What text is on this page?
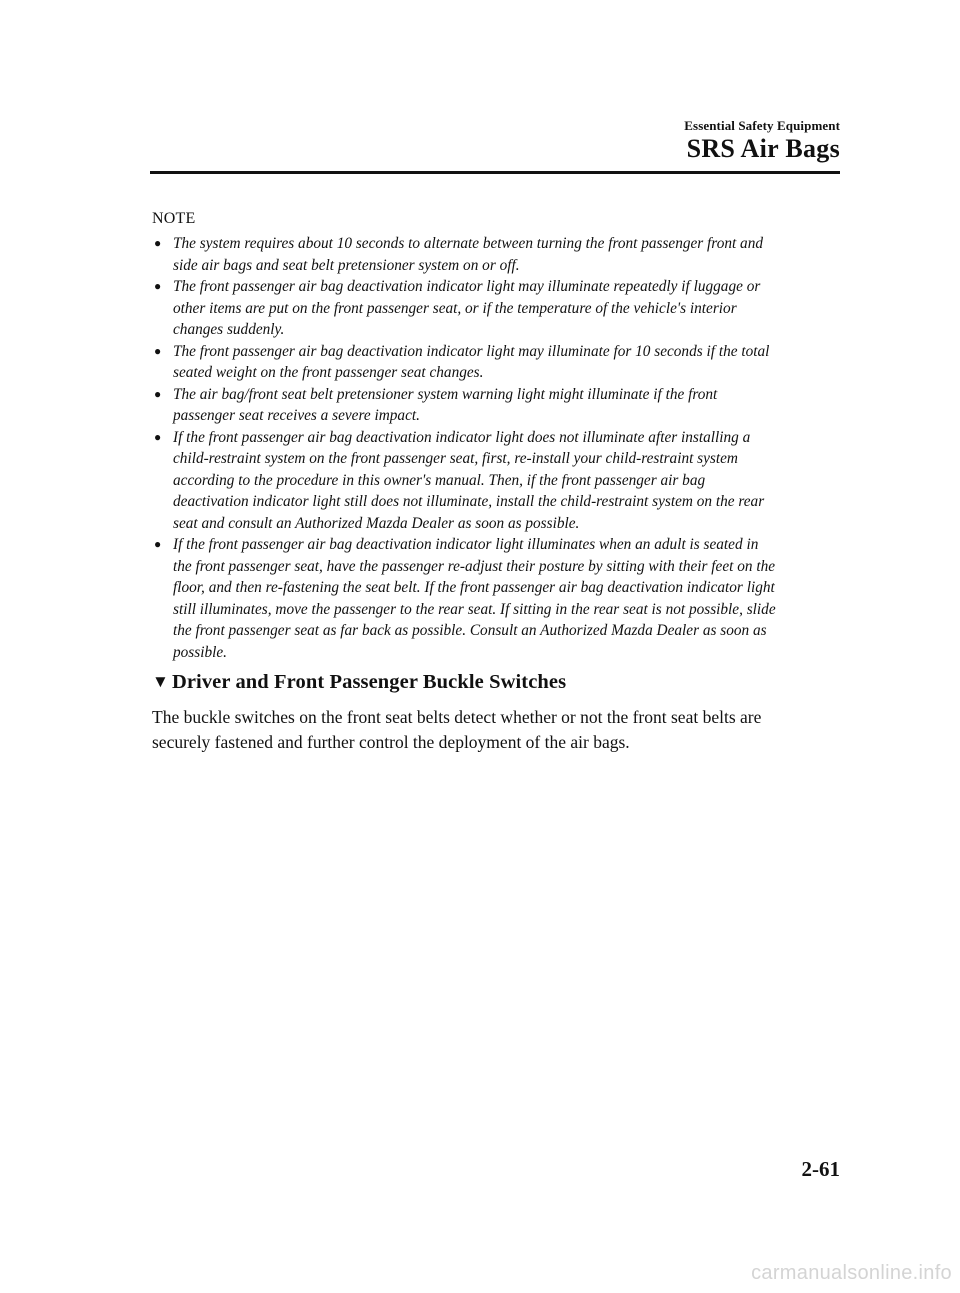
Essential Safety Equipment
SRS Air Bags
NOTE
● The system requires about 10 seconds to alternate between turning the front passenger front and
side air bags and seat belt pretensioner system on or off.
● The front passenger air bag deactivation indicator light may illuminate repeatedly if luggage or
other items are put on the front passenger seat, or if the temperature of the vehicle's interior
changes suddenly.
● The front passenger air bag deactivation indicator light may illuminate for 10 seconds if the total
seated weight on the front passenger seat changes.
● The air bag/front seat belt pretensioner system warning light might illuminate if the front
passenger seat receives a severe impact.
● If the front passenger air bag deactivation indicator light does not illuminate after installing a
child-restraint system on the front passenger seat, first, re-install your child-restraint system
according to the procedure in this owner's manual. Then, if the front passenger air bag
deactivation indicator light still does not illuminate, install the child-restraint system on the rear
seat and consult an Authorized Mazda Dealer as soon as possible.
● If the front passenger air bag deactivation indicator light illuminates when an adult is seated in
the front passenger seat, have the passenger re-adjust their posture by sitting with their feet on the
floor, and then re-fastening the seat belt. If the front passenger air bag deactivation indicator light
still illuminates, move the passenger to the rear seat. If sitting in the rear seat is not possible, slide
the front passenger seat as far back as possible. Consult an Authorized Mazda Dealer as soon as
possible.
▼ Driver and Front Passenger Buckle Switches
The buckle switches on the front seat belts detect whether or not the front seat belts are
securely fastened and further control the deployment of the air bags.
2-61
carmanualsonline.info
